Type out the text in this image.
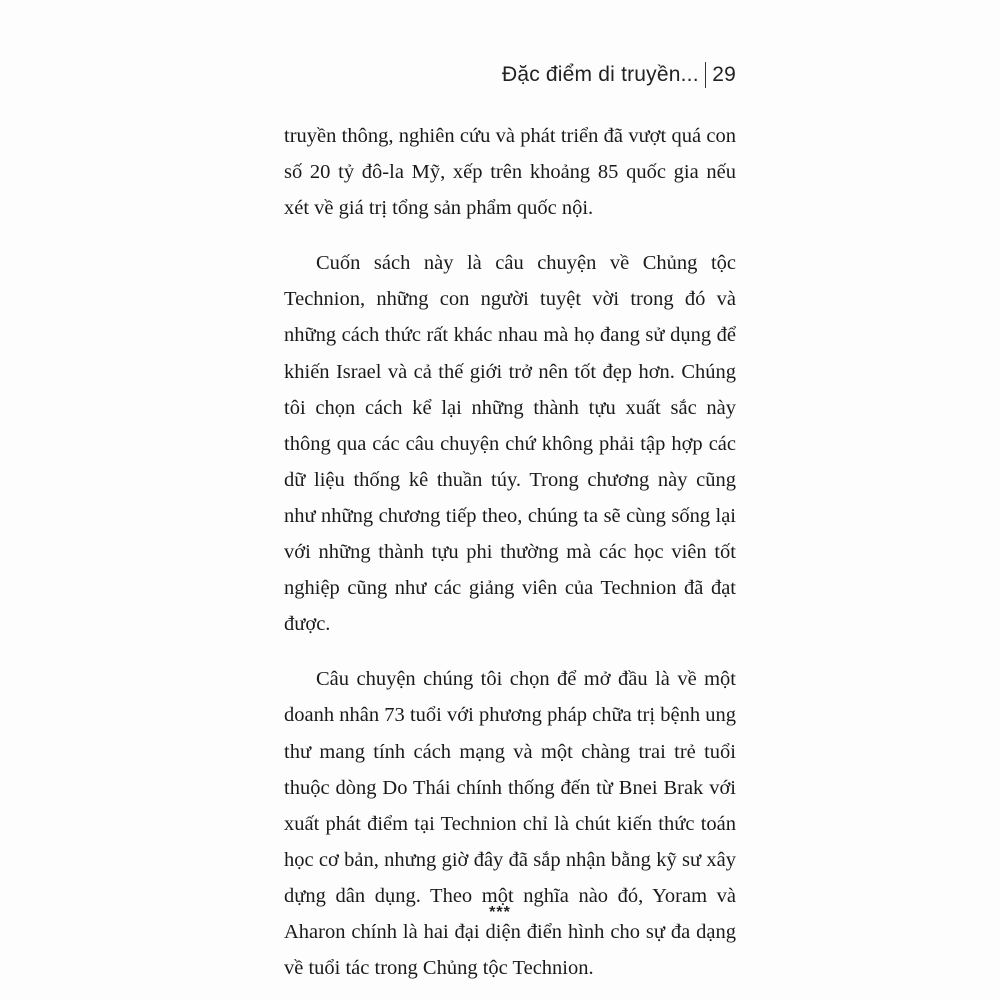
Đặc điểm di truyền... 29

truyền thông, nghiên cứu và phát triển đã vượt quá con số 20 tỷ đô-la Mỹ, xếp trên khoảng 85 quốc gia nếu xét về giá trị tổng sản phẩm quốc nội.

Cuốn sách này là câu chuyện về Chủng tộc Technion, những con người tuyệt vời trong đó và những cách thức rất khác nhau mà họ đang sử dụng để khiến Israel và cả thế giới trở nên tốt đẹp hơn. Chúng tôi chọn cách kể lại những thành tựu xuất sắc này thông qua các câu chuyện chứ không phải tập hợp các dữ liệu thống kê thuần túy. Trong chương này cũng như những chương tiếp theo, chúng ta sẽ cùng sống lại với những thành tựu phi thường mà các học viên tốt nghiệp cũng như các giảng viên của Technion đã đạt được.

Câu chuyện chúng tôi chọn để mở đầu là về một doanh nhân 73 tuổi với phương pháp chữa trị bệnh ung thư mang tính cách mạng và một chàng trai trẻ tuổi thuộc dòng Do Thái chính thống đến từ Bnei Brak với xuất phát điểm tại Technion chỉ là chút kiến thức toán học cơ bản, nhưng giờ đây đã sắp nhận bằng kỹ sư xây dựng dân dụng. Theo một nghĩa nào đó, Yoram và Aharon chính là hai đại diện điển hình cho sự đa dạng về tuổi tác trong Chủng tộc Technion.

***
